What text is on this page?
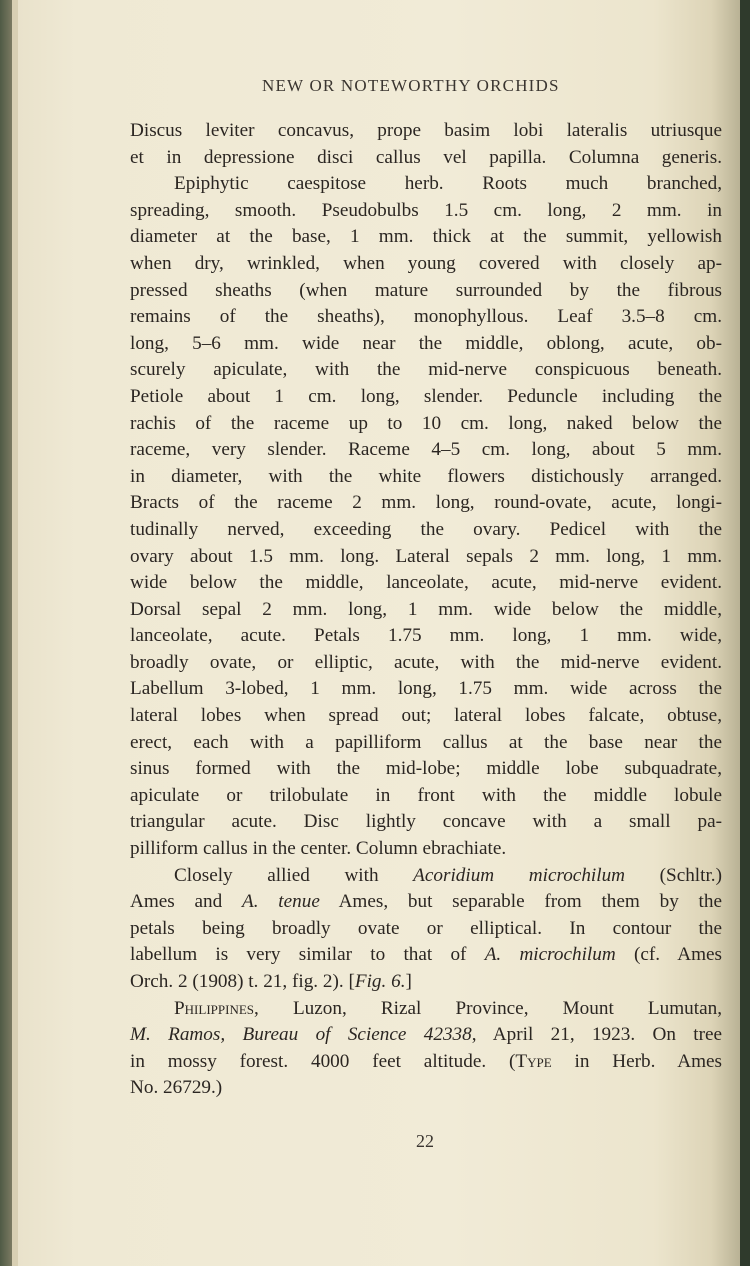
NEW OR NOTEWORTHY ORCHIDS
Discus leviter concavus, prope basim lobi lateralis utriusque
et in depressione disci callus vel papilla. Columna generis.
Epiphytic caespitose herb. Roots much branched,
spreading, smooth. Pseudobulbs 1.5 cm. long, 2 mm. in
diameter at the base, 1 mm. thick at the summit, yellowish
when dry, wrinkled, when young covered with closely ap-
pressed sheaths (when mature surrounded by the fibrous
remains of the sheaths), monophyllous. Leaf 3.5–8 cm.
long, 5–6 mm. wide near the middle, oblong, acute, ob-
scurely apiculate, with the mid-nerve conspicuous beneath.
Petiole about 1 cm. long, slender. Peduncle including the
rachis of the raceme up to 10 cm. long, naked below the
raceme, very slender. Raceme 4–5 cm. long, about 5 mm.
in diameter, with the white flowers distichously arranged.
Bracts of the raceme 2 mm. long, round-ovate, acute, longi-
tudinally nerved, exceeding the ovary. Pedicel with the
ovary about 1.5 mm. long. Lateral sepals 2 mm. long, 1 mm.
wide below the middle, lanceolate, acute, mid-nerve evident.
Dorsal sepal 2 mm. long, 1 mm. wide below the middle,
lanceolate, acute. Petals 1.75 mm. long, 1 mm. wide,
broadly ovate, or elliptic, acute, with the mid-nerve evident.
Labellum 3-lobed, 1 mm. long, 1.75 mm. wide across the
lateral lobes when spread out; lateral lobes falcate, obtuse,
erect, each with a papilliform callus at the base near the
sinus formed with the mid-lobe; middle lobe subquadrate,
apiculate or trilobulate in front with the middle lobule
triangular acute. Disc lightly concave with a small pa-
pilliform callus in the center. Column ebrachiate.
Closely allied with Acoridium microchilum (Schltr.)
Ames and A. tenue Ames, but separable from them by the
petals being broadly ovate or elliptical. In contour the
labellum is very similar to that of A. microchilum (cf. Ames
Orch. 2 (1908) t. 21, fig. 2). [Fig. 6.]
Philippines, Luzon, Rizal Province, Mount Lumutan,
M. Ramos, Bureau of Science 42338, April 21, 1923. On tree
in mossy forest. 4000 feet altitude. (Type in Herb. Ames
No. 26729.)
22
